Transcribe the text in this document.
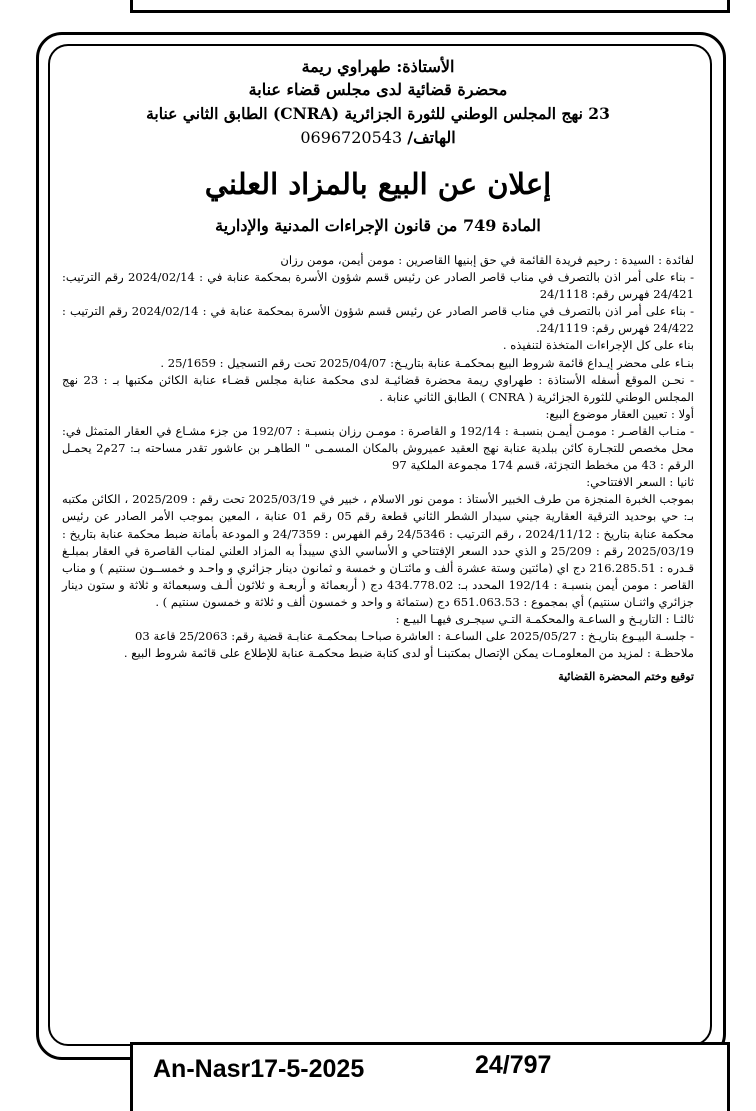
الأستاذة: طهراوي ريمة

محضرة قضائية لدى مجلس قضاء عنابة

23 نهج المجلس الوطني للثورة الجزائرية (CNRA) الطابق الثاني عنابة

الهاتف/ 0696720543

إعلان عن البيع بالمزاد العلني
المادة 749 من قانون الإجراءات المدنية والإدارية

لفائدة : السيدة : رحيم فريدة القائمة في حق إبنيها القاصرين : مومن أيمن، مومن رزان

- بناء على أمر اذن بالتصرف في مناب قاصر الصادر عن رئيس قسم شؤون الأسرة بمحكمة عنابة في : 2024/02/14 رقم الترتيب: 24/421 فهرس رقم: 24/1118

- بناء على أمر اذن بالتصرف في مناب قاصر الصادر عن رئيس قسم شؤون الأسرة بمحكمة عنابة في : 2024/02/14 رقم الترتيب : 24/422 فهرس رقم: 24/1119.

بناء على كل الإجراءات المتخذة لتنفيذه .

بنـاء على محضر إيـداع قائمة شروط البيع بمحكمـة عنابة بتاريـخ: 2025/04/07 تحت رقم التسجيل : 25/1659 .

- نحـن الموقع أسفله الأستاذة : طهراوي ريمة محضرة قضائيـة لدى محكمة عنابة مجلس قضـاء عنابة الكائن مكتبها بـ : 23 نهج المجلس الوطني للثورة الجزائرية ( CNRA ) الطابق الثاني عنابة .

أولا : تعيين العقار موضوع البيع:

- منـاب القاصـر : مومـن أيمـن بنسبـة : 192/14 و القاصرة : مومـن رزان بنسبـة : 192/07 من جزء مشـاع في العقار المتمثل في: محل مخصص للتجـارة كائن ببلدية عنابة نهج العقيد عميروش بالمكان المسمـى " الطاهـر بن عاشور تقدر مساحته بـ: 27م2 يحمـل الرقم : 43 من مخطط التجزئة، قسم 174 مجموعة الملكية 97

ثانيا : السعر الافتتاحي:

بموجب الخبرة المنجزة من طرف الخبير الأستاذ : مومن نور الاسلام ، خبير في 2025/03/19 تحت رقم : 2025/209 ، الكائن مكتبه بـ: حي بوحديد الترقية العقارية جيني سيدار الشطر الثاني قطعة رقم 05 رقم 01 عنابة ، المعين بموجب الأمر الصادر عن رئيس محكمة عنابة بتاريخ : 2024/11/12 ، رقم الترتيب : 24/5346 رقم الفهرس : 24/7359 و المودعة بأمانة ضبط محكمة عنابة بتاريخ : 2025/03/19 رقم : 25/209 و الذي حدد السعر الإفتتاحي و الأساسي الذي سيبدأ به المزاد العلني لمناب القاصرة في العقار بمبلـغ قـدره : 216.285.51 دج اي (مائتين وستة عشرة ألف و مائتـان و خمسة و ثمانون دينار جزائري و واحـد و خمســون سنتيم ) و مناب القاصر : مومن أيمن بنسبـة : 192/14 المحدد بـ: 434.778.02 دج ( أربعمائة و أربعـة و ثلاثون ألـف وسبعمائة و ثلاثة و ستون دينار جزائري واثنـان سنتيم) أي بمجموع : 651.063.53 دج (ستمائة و واحد و خمسون ألف و ثلاثة و خمسون سنتيم ) .

ثالثـا : التاريـخ و الساعـة والمحكمـة التـي سيجـرى فيهـا البيـع :

- جلسـة البيـوع بتاريـخ : 2025/05/27 على الساعـة : العاشرة صباحـا بمحكمـة عنابـة قضية رقم: 25/2063 قاعة 03

ملاحظـة : لمزيد من المعلومـات يمكن الإتصال بمكتبنـا أو لدى كتابة ضبط محكمـة عنابة للإطلاع على قائمة شروط البيع .

توقيع وختم المحضرة القضائية
An-Nasr17-5-2025	24/797
